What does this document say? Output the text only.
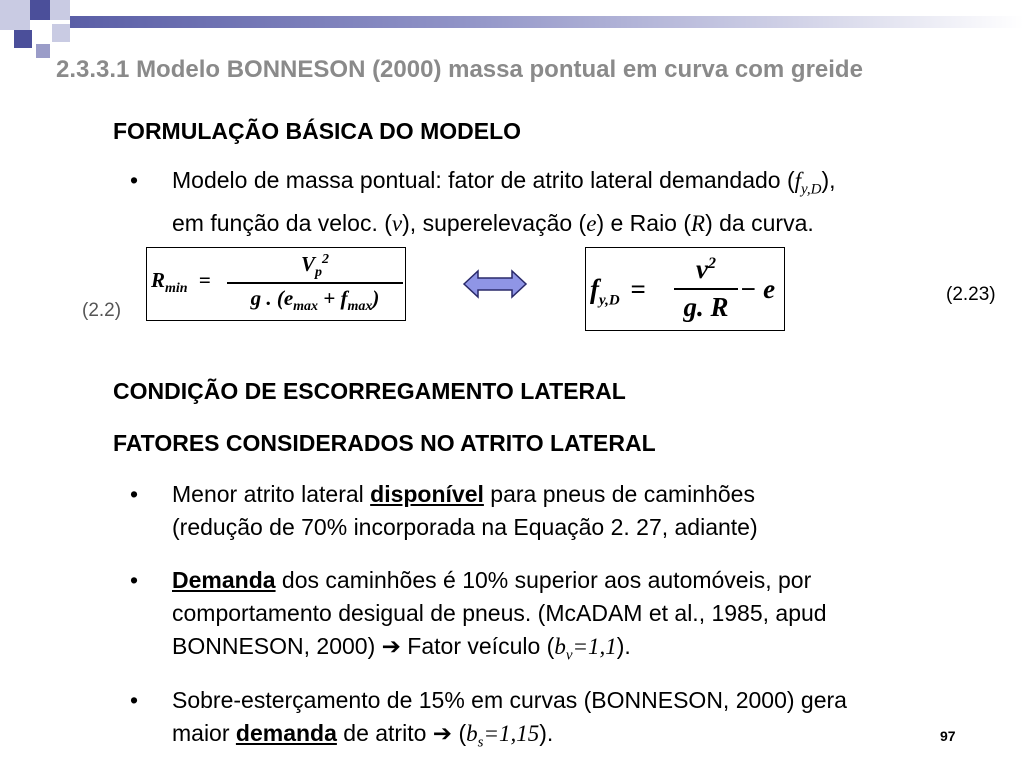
2.3.3.1 Modelo BONNESON (2000) massa pontual em curva com greide
FORMULAÇÃO BÁSICA DO MODELO
• Modelo de massa pontual: fator de atrito lateral demandado $(f_{y,D})$,
em função da veloc. (v), superelevação (e) e Raio (R) da curva.
$R_{min}$ =
$V_p^2$
g . $(e_{max} + f_{max})$
(2.2)
$f_{y,D}$ =
$v^2$
g. R
− e	(2.23)
CONDIÇÃO DE ESCORREGAMENTO LATERAL
FATORES CONSIDERADOS NO ATRITO LATERAL
• Menor atrito lateral disponível para pneus de caminhões
(redução de 70% incorporada na Equação 2. 27, adiante)
• Demanda dos caminhões é 10% superior aos automóveis, por
comportamento desigual de pneus. (McADAM et al., 1985, apud
BONNESON, 2000) ➔ Fator veículo $(b_v=1,1)$.
• Sobre-esterçamento de 15% em curvas (BONNESON, 2000) gera
maior demanda de atrito ➔ $(b_s=1,15)$.	97
